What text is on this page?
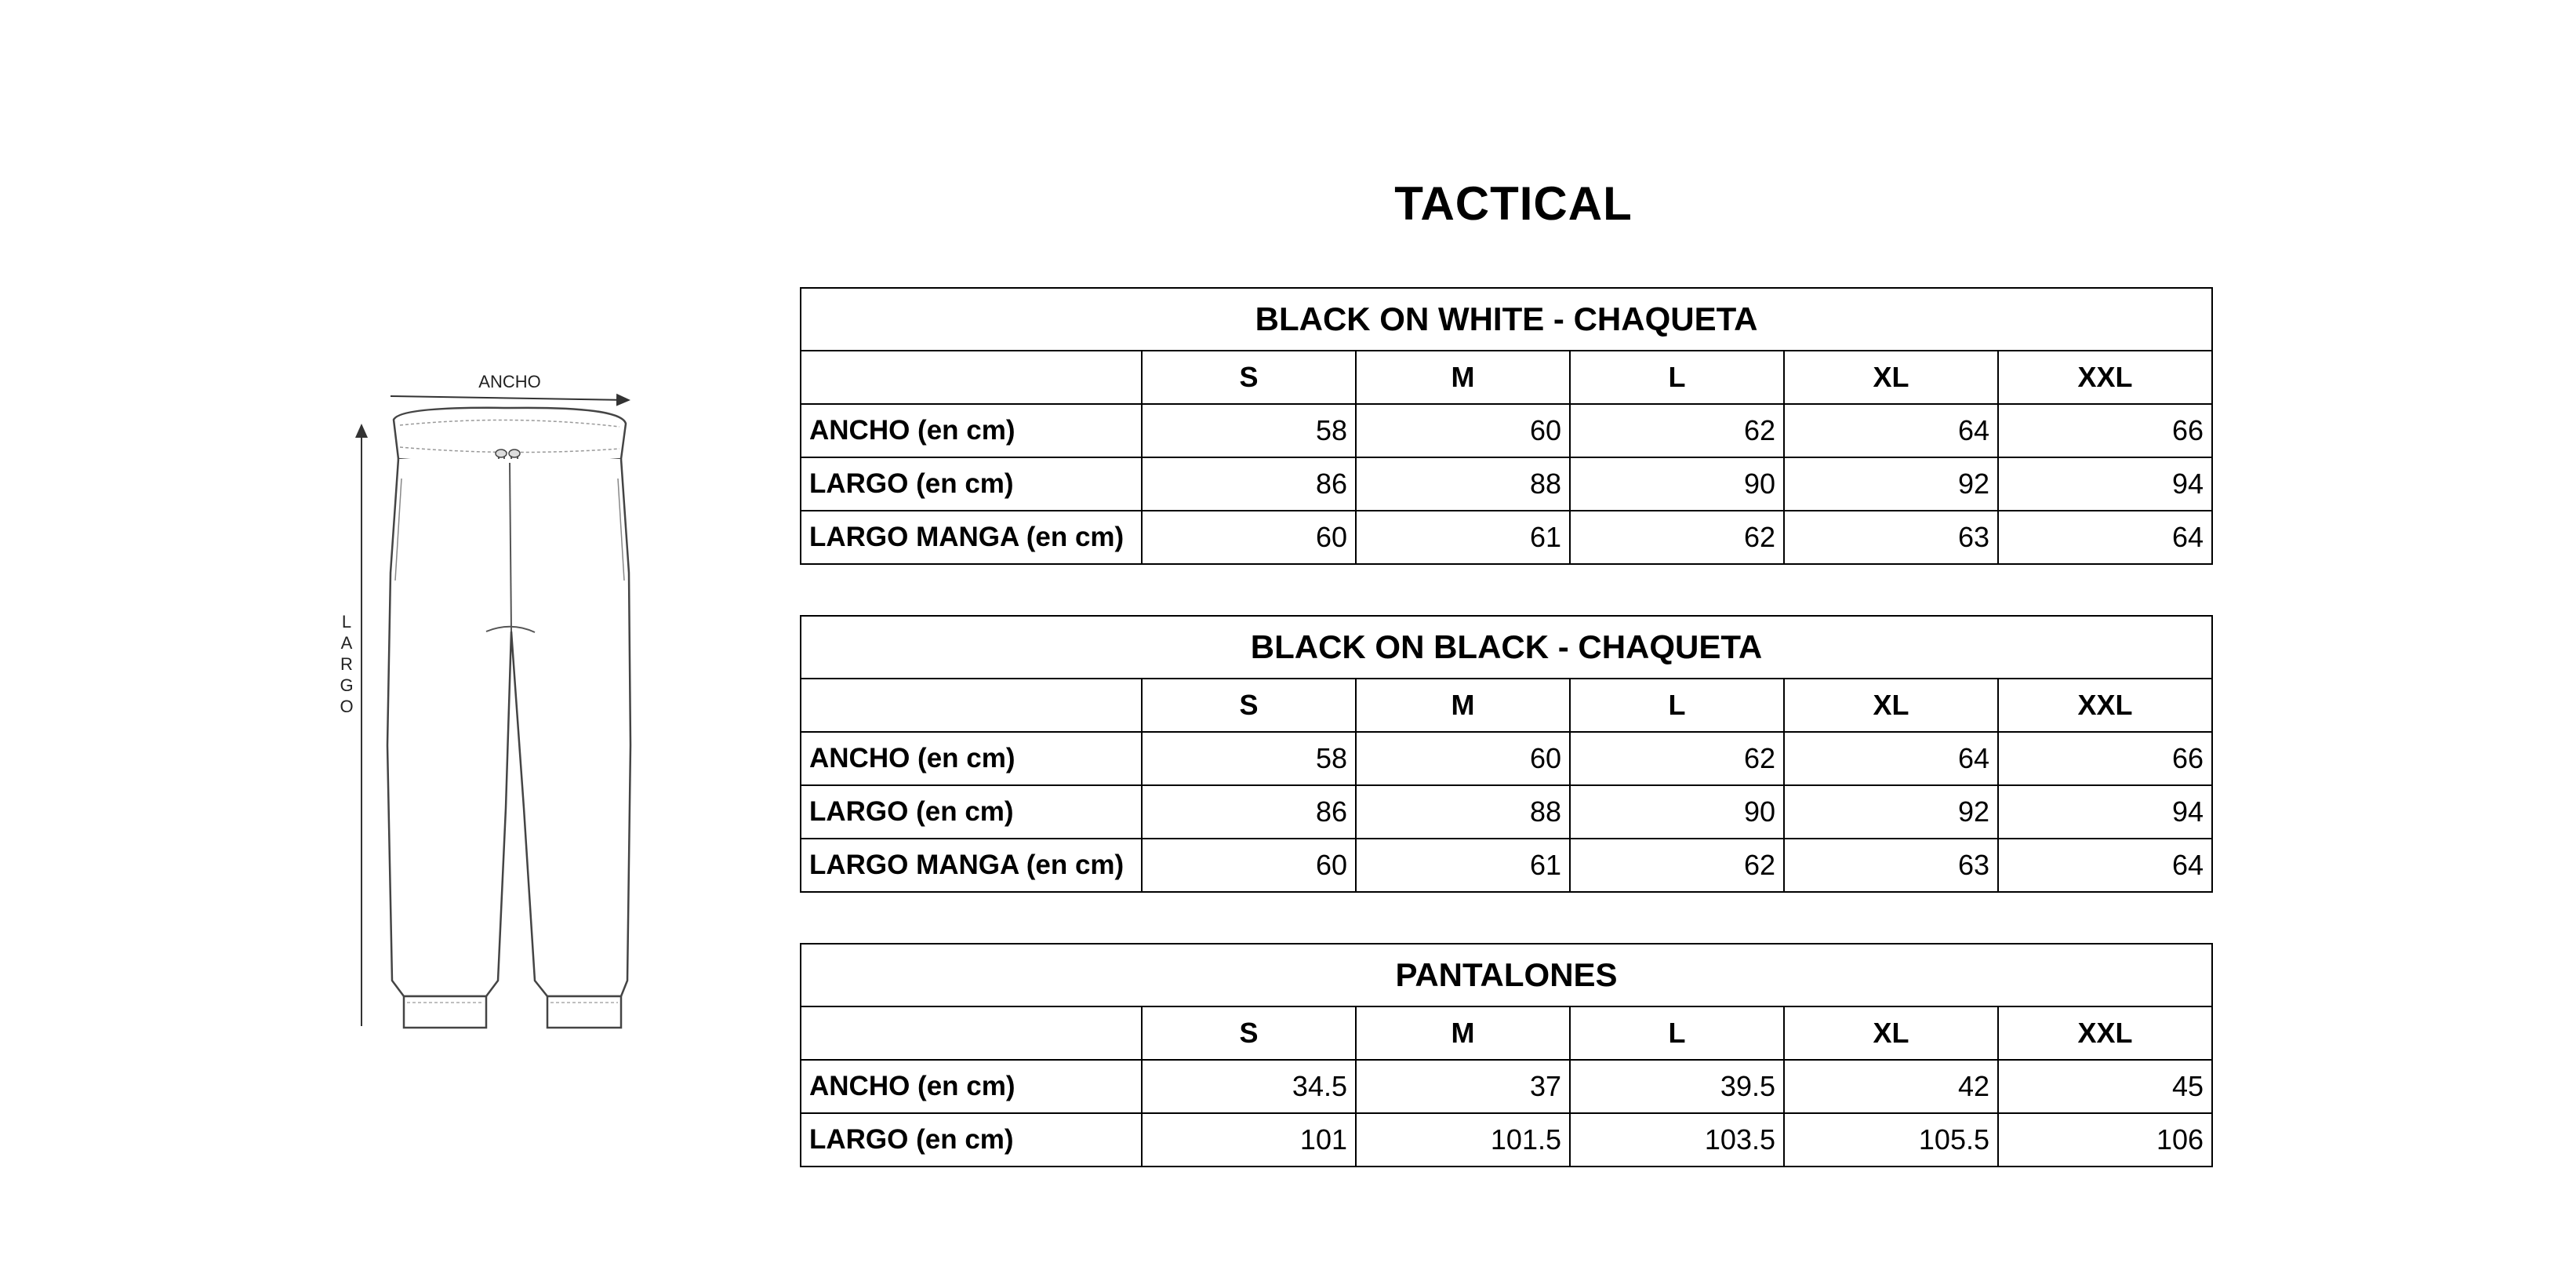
TACTICAL
ANCHO
L A R G O
BLACK ON WHITE - CHAQUETA					
	S	M	L	XL	XXL
ANCHO (en cm)	58	60	62	64	66
LARGO (en cm)	86	88	90	92	94
LARGO MANGA (en cm)	60	61	62	63	64
BLACK ON BLACK - CHAQUETA					
	S	M	L	XL	XXL
ANCHO (en cm)	58	60	62	64	66
LARGO (en cm)	86	88	90	92	94
LARGO MANGA (en cm)	60	61	62	63	64
PANTALONES					
	S	M	L	XL	XXL
ANCHO (en cm)	34.5	37	39.5	42	45
LARGO (en cm)	101	101.5	103.5	105.5	106
